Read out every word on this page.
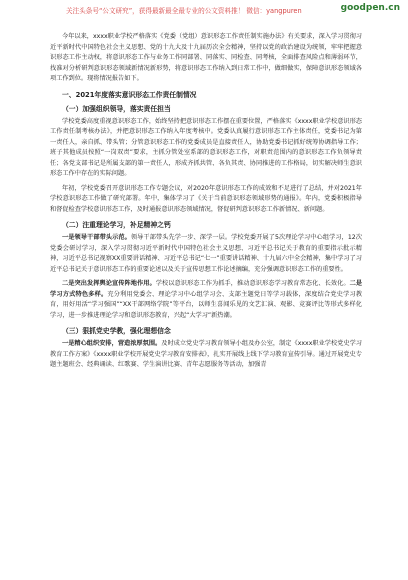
关注头条号“公文研究”，获得最新最全最专业的公文资料推！ 微信：yangpuren	goodpen.cn

今年以来，xxxx职业学校严格落实《党委（党组）意识形态工作责任制实施办法》有关要求，深入学习贯彻习近平新时代中国特色社会主义思想、党的十九大及十九届历次全会精神，坚持以党的政治建设为统领，牢牢把握意识形态工作主动权，将意识形态工作与业务工作同部署、同落实、同检查、同考核，全面排查风险点和薄弱环节，找准对分析研判意识形态领域新情况新形势，将意识形态工作纳入到日常工作中，做细做实，保障意识形态领域各项工作到位。现将情况报告如下。

一、2021年度落实意识形态工作责任制情况
（一）加强组织领导，落实责任担当

学校党委高度重视意识形态工作，始终坚持把意识形态工作摆在重要位置，严格落实《xxxx职业学校意识形态工作责任制考核办法》，并把意识形态工作纳入年度考核中。党委认真履行意识形态工作主体责任，党委书记为第一责任人，亲自抓、带头管；分管意识形态工作的党委成员是直接责任人，协助党委书记抓好统筹协调指导工作；班子其他成员按照“一岗双责”要求，主抓分管处室系部的意识形态工作，对职责范围内的意识形态工作负领导责任；各党支部书记是所属支部的第一责任人，形成齐抓共管、各负其责、协同推进的工作格局，切实解决师生意识形态工作中存在的实际问题。

年初，学校党委召开意识形态工作专题会议，对2020年意识形态工作的成效和不足进行了总结，并对2021年学校意识形态工作做了研究部署。年中，集体学习了《关于当前意识形态领域形势的通报》。年内，党委积极指导和督促检查学校意识形态工作，及时通报意识形态领域情况，督促研判意识形态工作新情况、新问题。

（二）注重理论学习，补足精神之钙

一是领导干部带头示范。领导干部带头先学一步、深学一层。学校党委开展了5次理论学习中心组学习，12次党委会研讨学习，深入学习贯彻习近平新时代中国特色社会主义思想、习近平总书记关于教育的重要指示批示精神，习近平总书记视察XX重要讲话精神、习近平总书记“七一”重要讲话精神、十九届六中全会精神，集中学习了习近平总书记关于意识形态工作的重要论述以及关于宣传思想工作论述摘编，充分强调意识形态工作的重要性。

二是突出发挥舆论宣传阵地作用。学校以意识形态工作为抓手，推动意识形态学习教育常态化、长效化。二是学习方式特色多样。充分利用党委会、理论学习中心组学习会、支部主题党日等学习载体，深度结合党史学习教育，用好用活“学习强国”“XX干部网络学院”等平台，以师生喜闻乐见的文艺汇演、观影、竞赛评比等形式多样化学习，进一步推进理论学习和意识形态教育，兴起“大学习”新热潮。

（三）狠抓党史学教，强化理想信念

一是精心组织安排，营造浓厚氛围。及时成立党史学习教育领导小组及办公室，制定《xxxx职业学校党史学习教育工作方案》《xxxx职业学校开展党史学习教育安排表》，扎实开展线上线下学习教育宣传引导。通过开展党史专题主题班会、经典诵读、红歌赛、学生演讲比赛、青年志愿服务等活动，加强青
